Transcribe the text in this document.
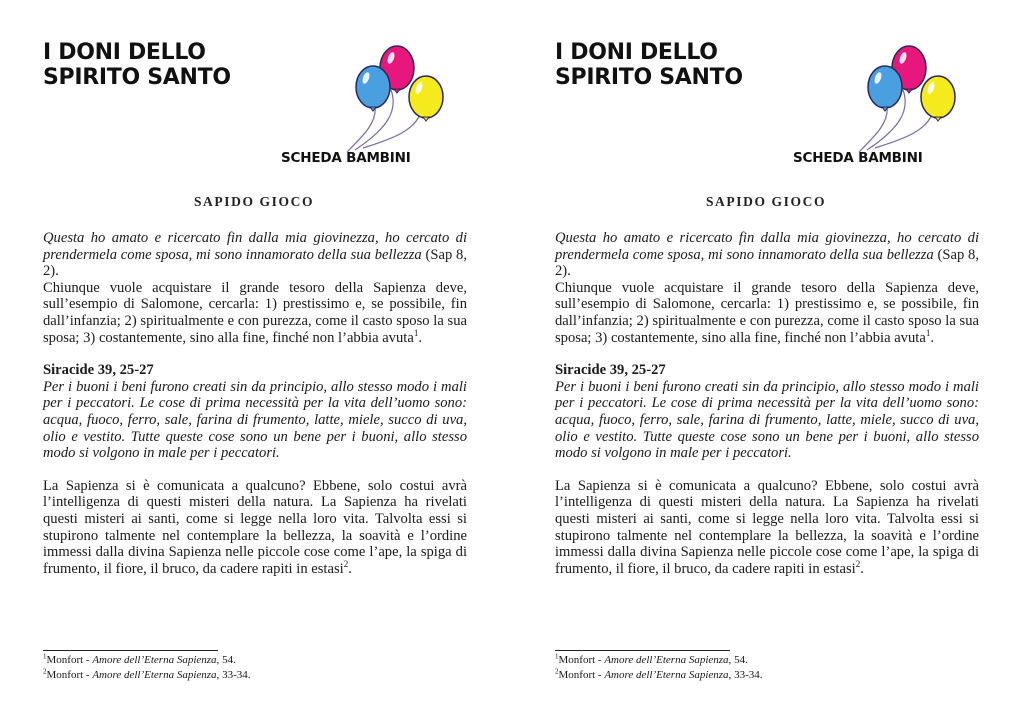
I DONI DELLO
SPIRITO SANTO
SCHEDA BAMBINI
SAPIDO GIOCO

Questa ho amato e ricercato fin dalla mia giovinezza, ho cercato di prendermela come sposa, mi sono innamorato della sua bellezza (Sap 8, 2).

Chiunque vuole acquistare il grande tesoro della Sapienza deve, sull’esempio di Salomone, cercarla: 1) prestissimo e, se possibile, fin dall’infanzia; 2) spiritualmente e con purezza, come il casto sposo la sua sposa; 3) costantemente, sino alla fine, finché non l’abbia avuta$^1$.

Siracide 39, 25-27

Per i buoni i beni furono creati sin da principio, allo stesso modo i mali per i peccatori. Le cose di prima necessità per la vita dell’uomo sono: acqua, fuoco, ferro, sale, farina di frumento, latte, miele, succo di uva, olio e vestito. Tutte queste cose sono un bene per i buoni, allo stesso modo si volgono in male per i peccatori.

La Sapienza si è comunicata a qualcuno? Ebbene, solo costui avrà l’intelligenza di questi misteri della natura. La Sapienza ha rivelati questi misteri ai santi, come si legge nella loro vita. Talvolta essi si stupirono talmente nel contemplare la bellezza, la soavità e l’ordine immessi dalla divina Sapienza nelle piccole cose come l’ape, la spiga di frumento, il fiore, il bruco, da cadere rapiti in estasi$^2$.

$^1$Monfort - Amore dell’Eterna Sapienza, 54.

$^2$Monfort - Amore dell’Eterna Sapienza, 33-34.

I DONI DELLO
SPIRITO SANTO
SCHEDA BAMBINI
SAPIDO GIOCO

Questa ho amato e ricercato fin dalla mia giovinezza, ho cercato di prendermela come sposa, mi sono innamorato della sua bellezza (Sap 8, 2).

Chiunque vuole acquistare il grande tesoro della Sapienza deve, sull’esempio di Salomone, cercarla: 1) prestissimo e, se possibile, fin dall’infanzia; 2) spiritualmente e con purezza, come il casto sposo la sua sposa; 3) costantemente, sino alla fine, finché non l’abbia avuta$^1$.

Siracide 39, 25-27

Per i buoni i beni furono creati sin da principio, allo stesso modo i mali per i peccatori. Le cose di prima necessità per la vita dell’uomo sono: acqua, fuoco, ferro, sale, farina di frumento, latte, miele, succo di uva, olio e vestito. Tutte queste cose sono un bene per i buoni, allo stesso modo si volgono in male per i peccatori.

La Sapienza si è comunicata a qualcuno? Ebbene, solo costui avrà l’intelligenza di questi misteri della natura. La Sapienza ha rivelati questi misteri ai santi, come si legge nella loro vita. Talvolta essi si stupirono talmente nel contemplare la bellezza, la soavità e l’ordine immessi dalla divina Sapienza nelle piccole cose come l’ape, la spiga di frumento, il fiore, il bruco, da cadere rapiti in estasi$^2$.

$^1$Monfort - Amore dell’Eterna Sapienza, 54.

$^2$Monfort - Amore dell’Eterna Sapienza, 33-34.
